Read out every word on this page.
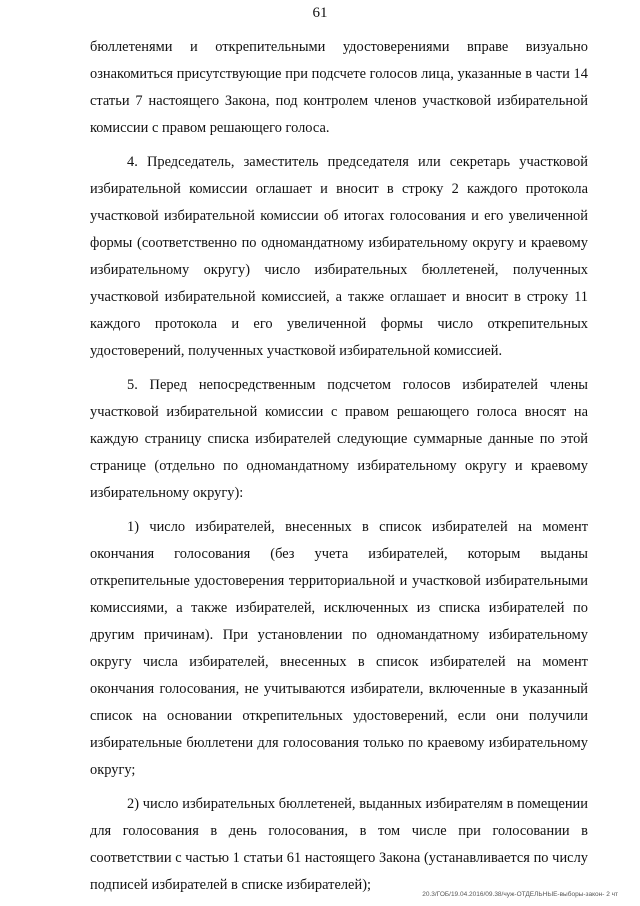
61

бюллетенями и открепительными удостоверениями вправе визуально ознакомиться присутствующие при подсчете голосов лица, указанные в части 14 статьи 7 настоящего Закона, под контролем членов участковой избирательной комиссии с правом решающего голоса.

4. Председатель, заместитель председателя или секретарь участковой избирательной комиссии оглашает и вносит в строку 2 каждого протокола участковой избирательной комиссии об итогах голосования и его увеличенной формы (соответственно по одномандатному избирательному округу и краевому избирательному округу) число избирательных бюллетеней, полученных участковой избирательной комиссией, а также оглашает и вносит в строку 11 каждого протокола и его увеличенной формы число открепительных удостоверений, полученных участковой избирательной комиссией.

5. Перед непосредственным подсчетом голосов избирателей члены участковой избирательной комиссии с правом решающего голоса вносят на каждую страницу списка избирателей следующие суммарные данные по этой странице (отдельно по одномандатному избирательному округу и краевому избирательному округу):

1) число избирателей, внесенных в список избирателей на момент окончания голосования (без учета избирателей, которым выданы открепительные удостоверения территориальной и участковой избирательными комиссиями, а также избирателей, исключенных из списка избирателей по другим причинам). При установлении по одномандатному избирательному округу числа избирателей, внесенных в список избирателей на момент окончания голосования, не учитываются избиратели, включенные в указанный список на основании открепительных удостоверений, если они получили избирательные бюллетени для голосования только по краевому избирательному округу;

2) число избирательных бюллетеней, выданных избирателям в помещении для голосования в день голосования, в том числе при голосовании в соответствии с частью 1 статьи 61 настоящего Закона (устанавливается по числу подписей избирателей в списке избирателей);

20.3/ГОБ/19.04.2016/09.38/чуж-ОТДЕЛЬНЫЕ-выборы-закон- 2 чт
